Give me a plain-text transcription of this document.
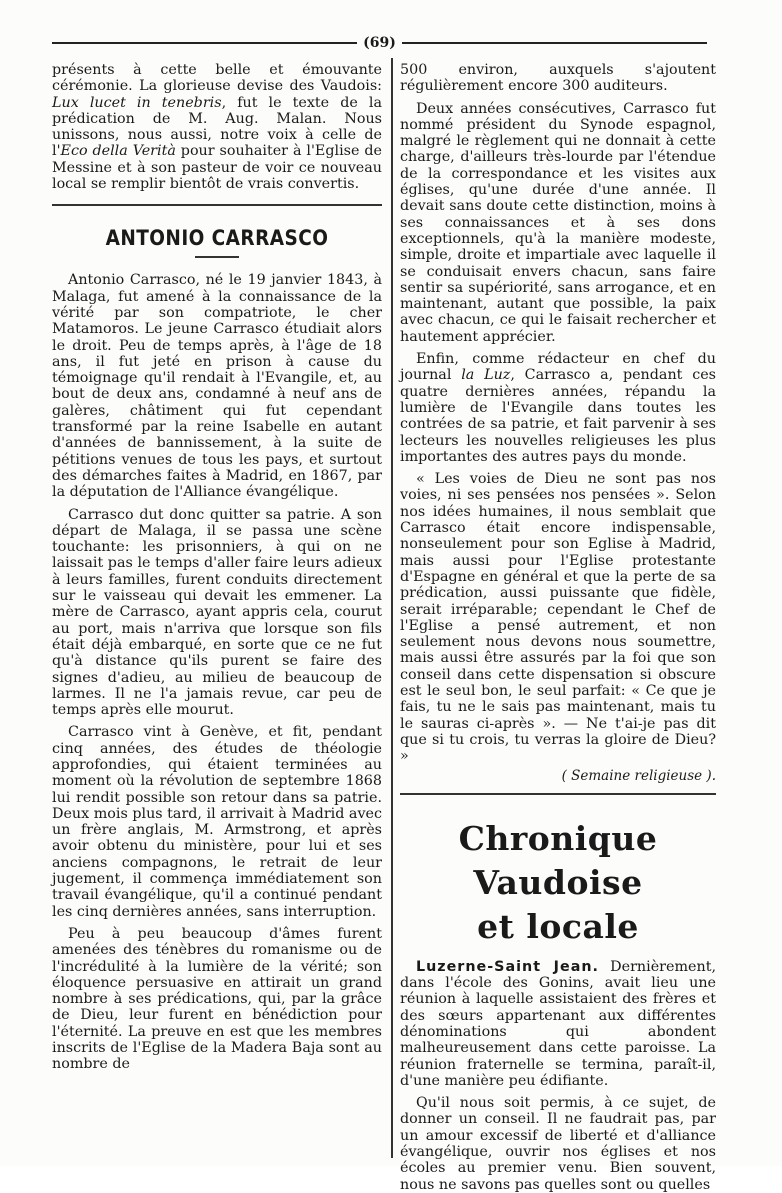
(69)

présents à cette belle et émouvante cérémonie. La glorieuse devise des Vaudois: Lux lucet in tenebris, fut le texte de la prédication de M. Aug. Malan. Nous unissons, nous aussi, notre voix à celle de l'Eco della Verità pour souhaiter à l'Eglise de Messine et à son pasteur de voir ce nouveau local se remplir bientôt de vrais convertis.

ANTONIO CARRASCO

Antonio Carrasco, né le 19 janvier 1843, à Malaga, fut amené à la connaissance de la vérité par son compatriote, le cher Matamoros. Le jeune Carrasco étudiait alors le droit. Peu de temps après, à l'âge de 18 ans, il fut jeté en prison à cause du témoignage qu'il rendait à l'Evangile, et, au bout de deux ans, condamné à neuf ans de galères, châtiment qui fut cependant transformé par la reine Isabelle en autant d'années de bannissement, à la suite de pétitions venues de tous les pays, et surtout des démarches faites à Madrid, en 1867, par la députation de l'Alliance évangélique.

Carrasco dut donc quitter sa patrie. A son départ de Malaga, il se passa une scène touchante: les prisonniers, à qui on ne laissait pas le temps d'aller faire leurs adieux à leurs familles, furent conduits directement sur le vaisseau qui devait les emmener. La mère de Carrasco, ayant appris cela, courut au port, mais n'arriva que lorsque son fils était déjà embarqué, en sorte que ce ne fut qu'à distance qu'ils purent se faire des signes d'adieu, au milieu de beaucoup de larmes. Il ne l'a jamais revue, car peu de temps après elle mourut.

Carrasco vint à Genève, et fit, pendant cinq années, des études de théologie approfondies, qui étaient terminées au moment où la révolution de septembre 1868 lui rendit possible son retour dans sa patrie. Deux mois plus tard, il arrivait à Madrid avec un frère anglais, M. Armstrong, et après avoir obtenu du ministère, pour lui et ses anciens compagnons, le retrait de leur jugement, il commença immédiatement son travail évangélique, qu'il a continué pendant les cinq dernières années, sans interruption.

Peu à peu beaucoup d'âmes furent amenées des ténèbres du romanisme ou de l'incrédulité à la lumière de la vérité; son éloquence persuasive en attirait un grand nombre à ses prédications, qui, par la grâce de Dieu, leur furent en bénédiction pour l'éternité. La preuve en est que les membres inscrits de l'Eglise de la Madera Baja sont au nombre de

500 environ, auxquels s'ajoutent régulièrement encore 300 auditeurs.

Deux années consécutives, Carrasco fut nommé président du Synode espagnol, malgré le règlement qui ne donnait à cette charge, d'ailleurs très-lourde par l'étendue de la correspondance et les visites aux églises, qu'une durée d'une année. Il devait sans doute cette distinction, moins à ses connaissances et à ses dons exceptionnels, qu'à la manière modeste, simple, droite et impartiale avec laquelle il se conduisait envers chacun, sans faire sentir sa supériorité, sans arrogance, et en maintenant, autant que possible, la paix avec chacun, ce qui le faisait rechercher et hautement apprécier.

Enfin, comme rédacteur en chef du journal la Luz, Carrasco a, pendant ces quatre dernières années, répandu la lumière de l'Evangile dans toutes les contrées de sa patrie, et fait parvenir à ses lecteurs les nouvelles religieuses les plus importantes des autres pays du monde.

« Les voies de Dieu ne sont pas nos voies, ni ses pensées nos pensées ». Selon nos idées humaines, il nous semblait que Carrasco était encore indispensable, nonseulement pour son Eglise à Madrid, mais aussi pour l'Eglise protestante d'Espagne en général et que la perte de sa prédication, aussi puissante que fidèle, serait irréparable; cependant le Chef de l'Eglise a pensé autrement, et non seulement nous devons nous soumettre, mais aussi être assurés par la foi que son conseil dans cette dispensation si obscure est le seul bon, le seul parfait: « Ce que je fais, tu ne le sais pas maintenant, mais tu le sauras ci-après ». — Ne t'ai-je pas dit que si tu crois, tu verras la gloire de Dieu? »

( Semaine religieuse ).
Chronique Vaudoise
et locale

Luzerne-Saint Jean. Dernièrement, dans l'école des Gonins, avait lieu une réunion à laquelle assistaient des frères et des sœurs appartenant aux différentes dénominations qui abondent malheureusement dans cette paroisse. La réunion fraternelle se termina, paraît-il, d'une manière peu édifiante.

Qu'il nous soit permis, à ce sujet, de donner un conseil. Il ne faudrait pas, par un amour excessif de liberté et d'alliance évangélique, ouvrir nos églises et nos écoles au premier venu. Bien souvent, nous ne savons pas quelles sont ou quelles
